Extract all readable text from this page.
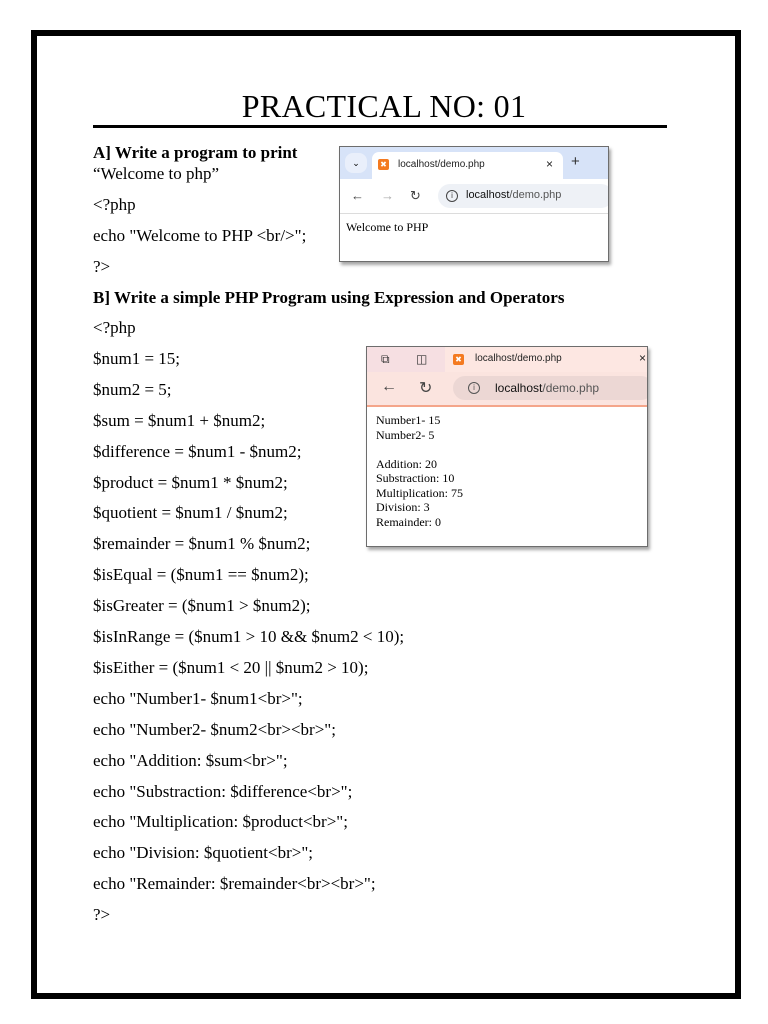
PRACTICAL NO: 01
A] Write a program to print
“Welcome to php”
<?php
echo "Welcome to PHP <br/>";
?>
⌄	✖ localhost/demo.php	× +
← → ↻	i	localhost/demo.php
Welcome to PHP
B] Write a simple PHP Program using Expression and Operators
<?php
$num1 = 15;
$num2 = 5;
$sum = $num1 + $num2;
$difference = $num1 - $num2;
$product = $num1 * $num2;
$quotient = $num1 / $num2;
$remainder = $num1 % $num2;
$isEqual = ($num1 == $num2);
$isGreater = ($num1 > $num2);
$isInRange = ($num1 > 10 && $num2 < 10);
$isEither = ($num1 < 20 || $num2 > 10);
echo "Number1- $num1<br>";
echo "Number2- $num2<br><br>";
echo "Addition: $sum<br>";
echo "Substraction: $difference<br>";
echo "Multiplication: $product<br>";
echo "Division: $quotient<br>";
echo "Remainder: $remainder<br><br>";
?>
⧉ ◫	✖ localhost/demo.php	×
← ↻	i	localhost/demo.php
Number1- 15
Number2- 5
Addition: 20
Substraction: 10
Multiplication: 75
Division: 3
Remainder: 0
